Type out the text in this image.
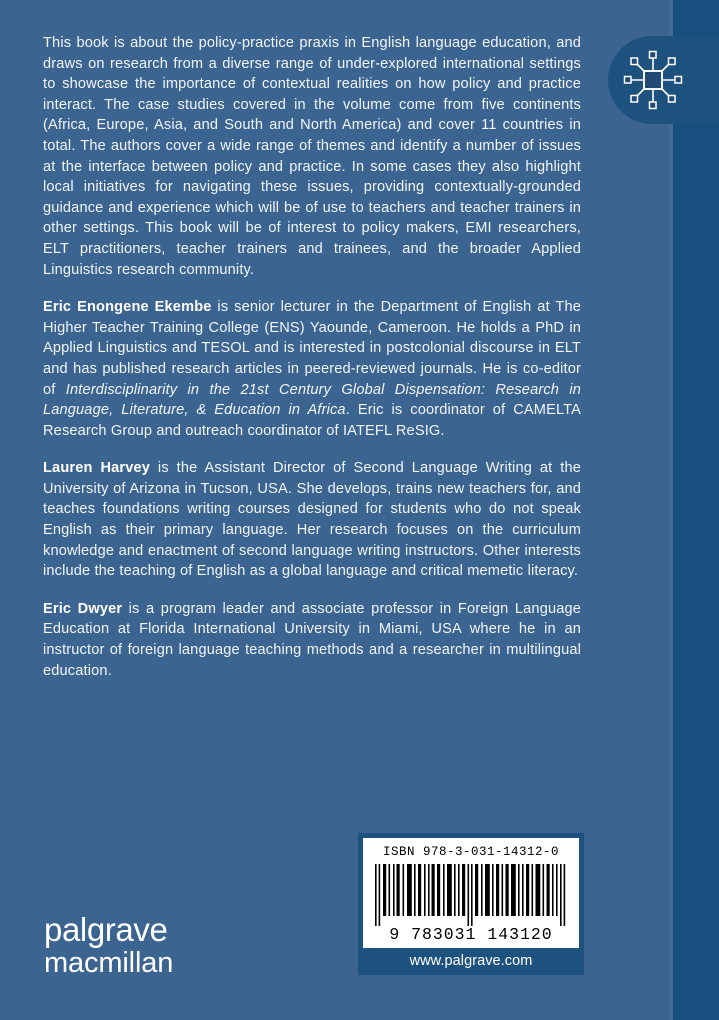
This book is about the policy-practice praxis in English language education, and draws on research from a diverse range of under-explored international settings to showcase the importance of contextual realities on how policy and practice interact. The case studies covered in the volume come from five continents (Africa, Europe, Asia, and South and North America) and cover 11 countries in total. The authors cover a wide range of themes and identify a number of issues at the interface between policy and practice. In some cases they also highlight local initiatives for navigating these issues, providing contextually-grounded guidance and experience which will be of use to teachers and teacher trainers in other settings. This book will be of interest to policy makers, EMI researchers, ELT practitioners, teacher trainers and trainees, and the broader Applied Linguistics research community.

Eric Enongene Ekembe is senior lecturer in the Department of English at The Higher Teacher Training College (ENS) Yaounde, Cameroon. He holds a PhD in Applied Linguistics and TESOL and is interested in postcolonial discourse in ELT and has published research articles in peered-reviewed journals. He is co-editor of Interdisciplinarity in the 21st Century Global Dispensation: Research in Language, Literature, & Education in Africa. Eric is coordinator of CAMELTA Research Group and outreach coordinator of IATEFL ReSIG.

Lauren Harvey is the Assistant Director of Second Language Writing at the University of Arizona in Tucson, USA. She develops, trains new teachers for, and teaches foundations writing courses designed for students who do not speak English as their primary language. Her research focuses on the curriculum knowledge and enactment of second language writing instructors. Other interests include the teaching of English as a global language and critical memetic literacy.

Eric Dwyer is a program leader and associate professor in Foreign Language Education at Florida International University in Miami, USA where he in an instructor of foreign language teaching methods and a researcher in multilingual education.

palgrave
macmillan
ISBN 978-3-031-14312-0
9 783031 143120
www.palgrave.com
